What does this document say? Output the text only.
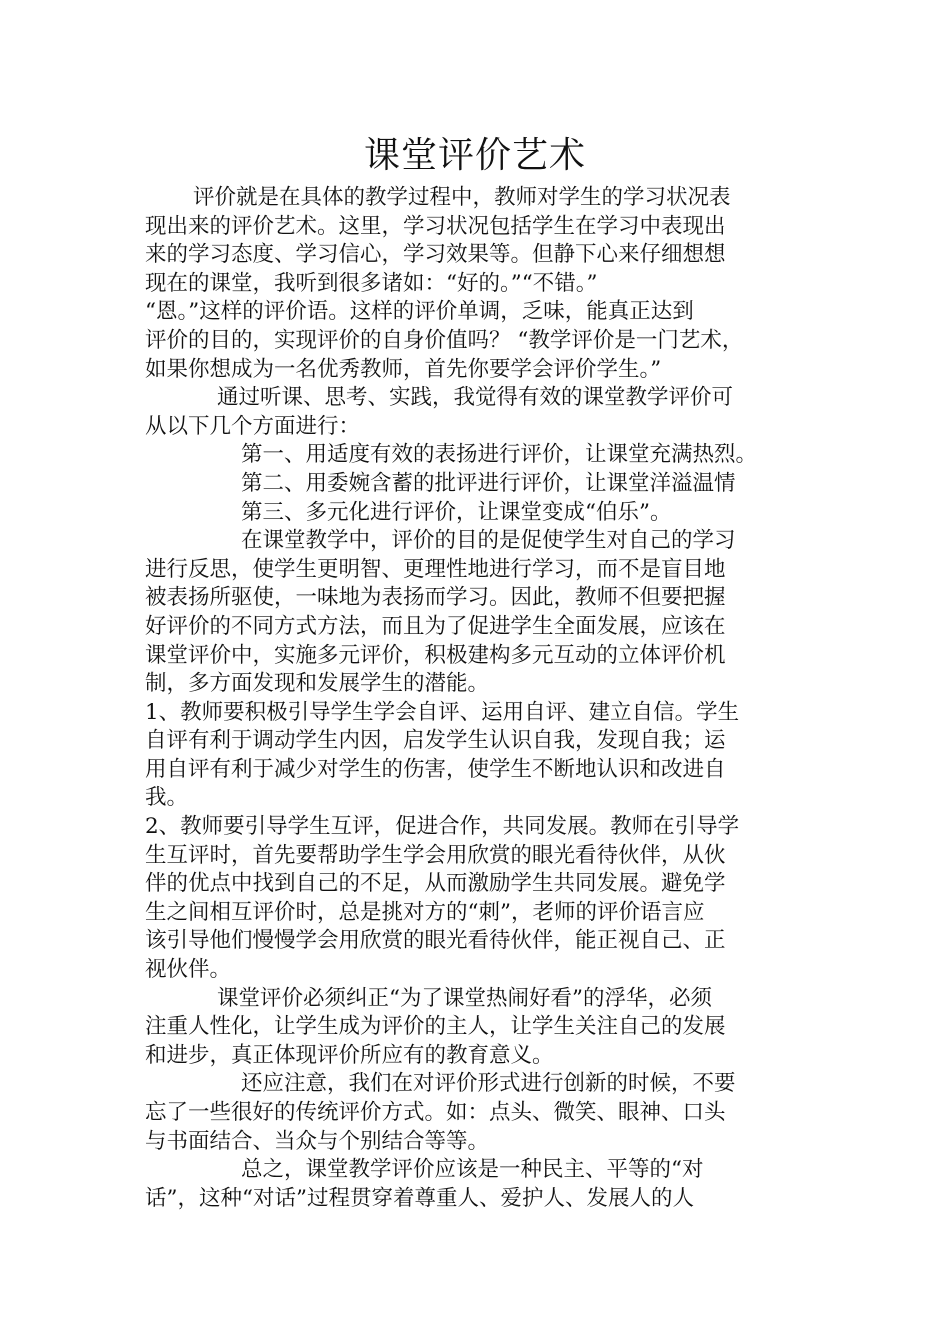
课堂评价艺术

评价就是在具体的教学过程中，教师对学生的学习状况表
现出来的评价艺术。这里，学习状况包括学生在学习中表现出
来的学习态度、学习信心，学习效果等。但静下心来仔细想想
现在的课堂，我听到很多诸如：“好的。”“不错。”
“恩。”这样的评价语。这样的评价单调，乏味，能真正达到
评价的目的，实现评价的自身价值吗？ “教学评价是一门艺术，
如果你想成为一名优秀教师，首先你要学会评价学生。”

通过听课、思考、实践，我觉得有效的课堂教学评价可
从以下几个方面进行：

第一、用适度有效的表扬进行评价，让课堂充满热烈。

第二、用委婉含蓄的批评进行评价，让课堂洋溢温情

第三、多元化进行评价，让课堂变成“伯乐”。

在课堂教学中，评价的目的是促使学生对自己的学习
进行反思，使学生更明智、更理性地进行学习，而不是盲目地
被表扬所驱使，一味地为表扬而学习。因此，教师不但要把握
好评价的不同方式方法，而且为了促进学生全面发展，应该在
课堂评价中，实施多元评价，积极建构多元互动的立体评价机
制，多方面发现和发展学生的潜能。

1、教师要积极引导学生学会自评、运用自评、建立自信。学生
自评有利于调动学生内因，启发学生认识自我，发现自我；运
用自评有利于减少对学生的伤害，使学生不断地认识和改进自
我。

2、教师要引导学生互评，促进合作，共同发展。教师在引导学
生互评时，首先要帮助学生学会用欣赏的眼光看待伙伴，从伙
伴的优点中找到自己的不足，从而激励学生共同发展。避免学
生之间相互评价时，总是挑对方的“刺”，老师的评价语言应
该引导他们慢慢学会用欣赏的眼光看待伙伴，能正视自己、正
视伙伴。

课堂评价必须纠正“为了课堂热闹好看”的浮华，必须
注重人性化，让学生成为评价的主人，让学生关注自己的发展
和进步，真正体现评价所应有的教育意义。

还应注意，我们在对评价形式进行创新的时候，不要
忘了一些很好的传统评价方式。如：点头、微笑、眼神、口头
与书面结合、当众与个别结合等等。

总之，课堂教学评价应该是一种民主、平等的“对
话”，这种“对话”过程贯穿着尊重人、爱护人、发展人的人
